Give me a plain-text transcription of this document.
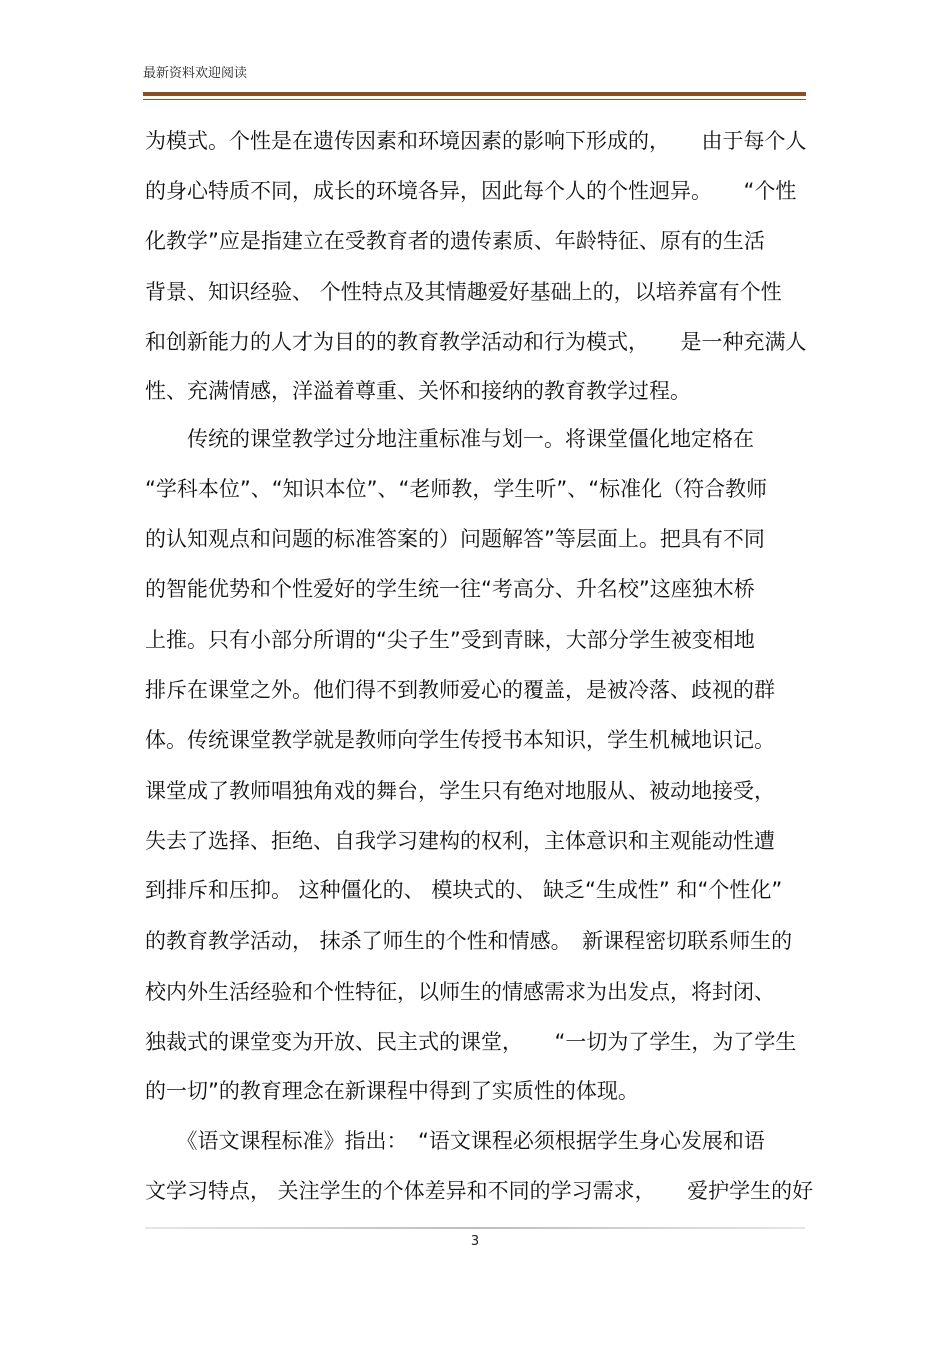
最新资料欢迎阅读
为模式。个性是在遗传因素和环境因素的影响下形成的，　　由于每个人
的身心特质不同，成长的环境各异，因此每个人的个性迥异。　　“个性
化教学”应是指建立在受教育者的遗传素质、年龄特征、原有的生活
背景、知识经验、 个性特点及其情趣爱好基础上的，以培养富有个性
和创新能力的人才为目的的教育教学活动和行为模式，　　是一种充满人
性、充满情感，洋溢着尊重、关怀和接纳的教育教学过程。
　　传统的课堂教学过分地注重标准与划一。将课堂僵化地定格在
“学科本位”、“知识本位”、“老师教，学生听”、“标准化（符合教师
的认知观点和问题的标准答案的）问题解答”等层面上。把具有不同
的智能优势和个性爱好的学生统一往“考高分、升名校”这座独木桥
上推。只有小部分所谓的“尖子生”受到青睐，大部分学生被变相地
排斥在课堂之外。他们得不到教师爱心的覆盖，是被冷落、歧视的群
体。传统课堂教学就是教师向学生传授书本知识，学生机械地识记。
课堂成了教师唱独角戏的舞台，学生只有绝对地服从、被动地接受，
失去了选择、拒绝、自我学习建构的权利，主体意识和主观能动性遭
到排斥和压抑。 这种僵化的、 模块式的、 缺乏“生成性” 和“个性化”
的教育教学活动， 抹杀了师生的个性和情感。　新课程密切联系师生的
校内外生活经验和个性特征，以师生的情感需求为出发点，将封闭、
独裁式的课堂变为开放、民主式的课堂，　　“一切为了学生，为了学生
的一切”的教育理念在新课程中得到了实质性的体现。
　　《语文课程标准》指出：　“语文课程必须根据学生身心发展和语
文学习特点， 关注学生的个体差异和不同的学习需求，　　爱护学生的好
3
